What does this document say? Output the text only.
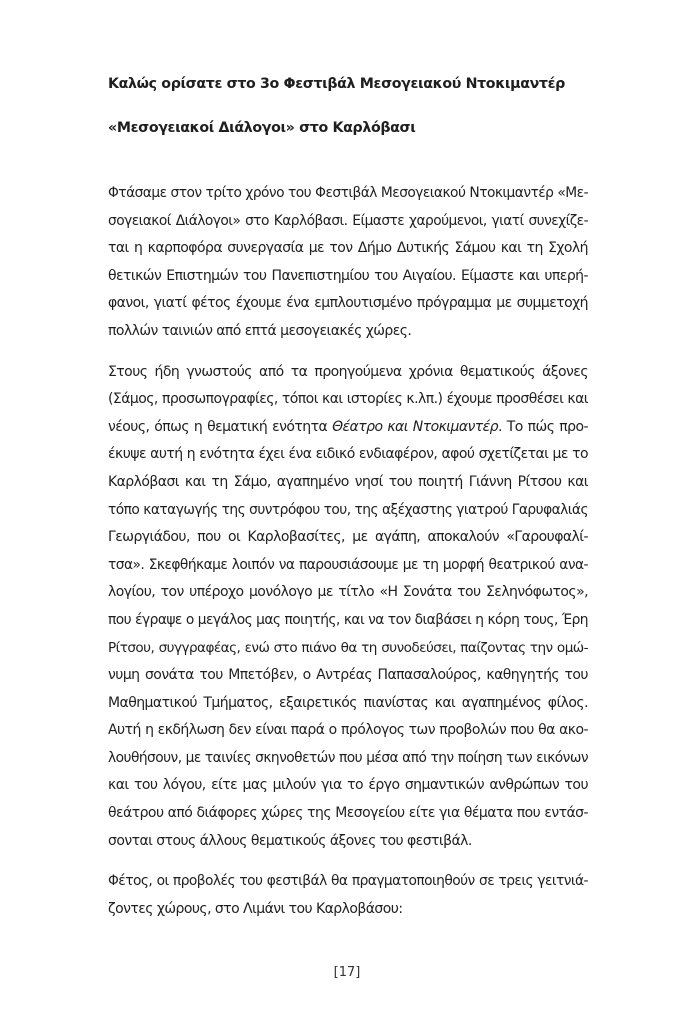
Καλώς ορίσατε στο 3ο Φεστιβάλ Μεσογειακού Ντοκιμαντέρ
«Μεσογειακοί Διάλογοι» στο Καρλόβασι

Φτάσαμε στον τρίτο χρόνο του Φεστιβάλ Μεσογειακού Ντοκιμαντέρ «Με-
σογειακοί Διάλογοι» στο Καρλόβασι. Είμαστε χαρούμενοι, γιατί συνεχίζε-
ται η καρποφόρα συνεργασία με τον Δήμο Δυτικής Σάμου και τη Σχολή
θετικών Επιστημών του Πανεπιστημίου του Αιγαίου. Είμαστε και υπερή-
φανοι, γιατί φέτος έχουμε ένα εμπλουτισμένο πρόγραμμα με συμμετοχή
πολλών ταινιών από επτά μεσογειακές χώρες.

Στους ήδη γνωστούς από τα προηγούμενα χρόνια θεματικούς άξονες
(Σάμος, προσωπογραφίες, τόποι και ιστορίες κ.λπ.) έχουμε προσθέσει και
νέους, όπως η θεματική ενότητα Θέατρο και Ντοκιμαντέρ. Το πώς προ-
έκυψε αυτή η ενότητα έχει ένα ειδικό ενδιαφέρον, αφού σχετίζεται με το
Καρλόβασι και τη Σάμο, αγαπημένο νησί του ποιητή Γιάννη Ρίτσου και
τόπο καταγωγής της συντρόφου του, της αξέχαστης γιατρού Γαρυφαλιάς
Γεωργιάδου, που οι Καρλοβασίτες, με αγάπη, αποκαλούν «Γαρουφαλί-
τσα». Σκεφθήκαμε λοιπόν να παρουσιάσουμε με τη μορφή θεατρικού ανα-
λογίου, τον υπέροχο μονόλογο με τίτλο «Η Σονάτα του Σεληνόφωτος»,
που έγραψε ο μεγάλος μας ποιητής, και να τον διαβάσει η κόρη τους, Έρη
Ρίτσου, συγγραφέας, ενώ στο πιάνο θα τη συνοδεύσει, παίζοντας την ομώ-
νυμη σονάτα του Μπετόβεν, ο Αντρέας Παπασαλούρος, καθηγητής του
Μαθηματικού Τμήματος, εξαιρετικός πιανίστας και αγαπημένος φίλος.
Αυτή η εκδήλωση δεν είναι παρά ο πρόλογος των προβολών που θα ακο-
λουθήσουν, με ταινίες σκηνοθετών που μέσα από την ποίηση των εικόνων
και του λόγου, είτε μας μιλούν για το έργο σημαντικών ανθρώπων του
θεάτρου από διάφορες χώρες της Μεσογείου είτε για θέματα που εντάσ-
σονται στους άλλους θεματικούς άξονες του φεστιβάλ.

Φέτος, οι προβολές του φεστιβάλ θα πραγματοποιηθούν σε τρεις γειτνιά-
ζοντες χώρους, στο Λιμάνι του Καρλοβάσου:

[17]
